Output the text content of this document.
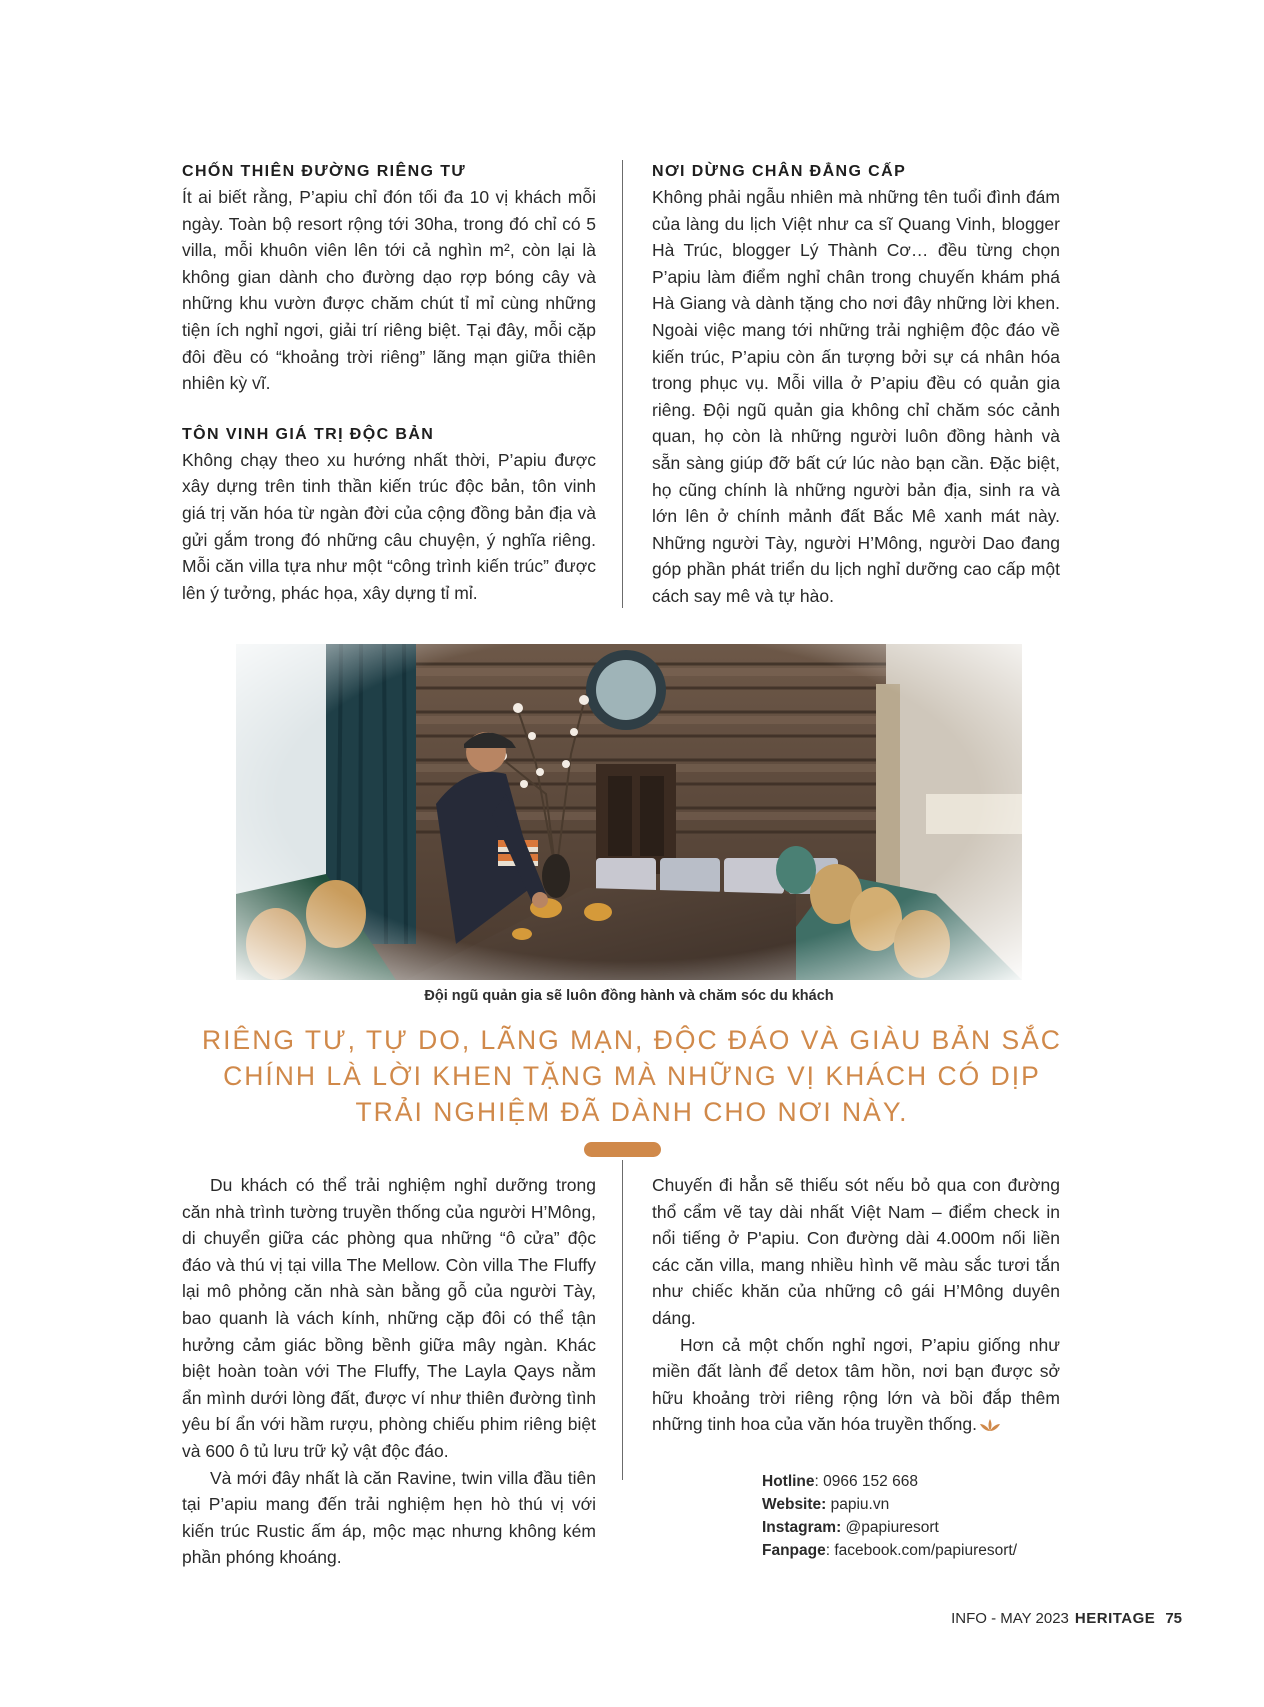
CHỐN THIÊN ĐƯỜNG RIÊNG TƯ

Ít ai biết rằng, P’apiu chỉ đón tối đa 10 vị khách mỗi ngày. Toàn bộ resort rộng tới 30ha, trong đó chỉ có 5 villa, mỗi khuôn viên lên tới cả nghìn m², còn lại là không gian dành cho đường dạo rợp bóng cây và những khu vườn được chăm chút tỉ mỉ cùng những tiện ích nghỉ ngơi, giải trí riêng biệt. Tại đây, mỗi cặp đôi đều có “khoảng trời riêng” lãng mạn giữa thiên nhiên kỳ vĩ.

TÔN VINH GIÁ TRỊ ĐỘC BẢN

Không chạy theo xu hướng nhất thời, P’apiu được xây dựng trên tinh thần kiến trúc độc bản, tôn vinh giá trị văn hóa từ ngàn đời của cộng đồng bản địa và gửi gắm trong đó những câu chuyện, ý nghĩa riêng. Mỗi căn villa tựa như một “công trình kiến trúc” được lên ý tưởng, phác họa, xây dựng tỉ mỉ.

NƠI DỪNG CHÂN ĐẲNG CẤP

Không phải ngẫu nhiên mà những tên tuổi đình đám của làng du lịch Việt như ca sĩ Quang Vinh, blogger Hà Trúc, blogger Lý Thành Cơ… đều từng chọn P’apiu làm điểm nghỉ chân trong chuyến khám phá Hà Giang và dành tặng cho nơi đây những lời khen. Ngoài việc mang tới những trải nghiệm độc đáo về kiến trúc, P’apiu còn ấn tượng bởi sự cá nhân hóa trong phục vụ. Mỗi villa ở P’apiu đều có quản gia riêng. Đội ngũ quản gia không chỉ chăm sóc cảnh quan, họ còn là những người luôn đồng hành và sẵn sàng giúp đỡ bất cứ lúc nào bạn cần. Đặc biệt, họ cũng chính là những người bản địa, sinh ra và lớn lên ở chính mảnh đất Bắc Mê xanh mát này. Những người Tày, người H’Mông, người Dao đang góp phần phát triển du lịch nghỉ dưỡng cao cấp một cách say mê và tự hào.

Đội ngũ quản gia sẽ luôn đồng hành và chăm sóc du khách
RIÊNG TƯ, TỰ DO, LÃNG MẠN, ĐỘC ĐÁO VÀ GIÀU BẢN SẮC
CHÍNH LÀ LỜI KHEN TẶNG MÀ NHỮNG VỊ KHÁCH CÓ DỊP
TRẢI NGHIỆM ĐÃ DÀNH CHO NƠI NÀY.

Du khách có thể trải nghiệm nghỉ dưỡng trong căn nhà trình tường truyền thống của người H’Mông, di chuyển giữa các phòng qua những “ô cửa” độc đáo và thú vị tại villa The Mellow. Còn villa The Fluffy lại mô phỏng căn nhà sàn bằng gỗ của người Tày, bao quanh là vách kính, những cặp đôi có thể tận hưởng cảm giác bồng bềnh giữa mây ngàn. Khác biệt hoàn toàn với The Fluffy, The Layla Qays nằm ẩn mình dưới lòng đất, được ví như thiên đường tình yêu bí ẩn với hầm rượu, phòng chiếu phim riêng biệt và 600 ô tủ lưu trữ kỷ vật độc đáo.

Và mới đây nhất là căn Ravine, twin villa đầu tiên tại P’apiu mang đến trải nghiệm hẹn hò thú vị với kiến trúc Rustic ấm áp, mộc mạc nhưng không kém phần phóng khoáng.

Chuyến đi hẳn sẽ thiếu sót nếu bỏ qua con đường thổ cẩm vẽ tay dài nhất Việt Nam – điểm check in nổi tiếng ở P'apiu. Con đường dài 4.000m nối liền các căn villa, mang nhiều hình vẽ màu sắc tươi tắn như chiếc khăn của những cô gái H’Mông duyên dáng.

Hơn cả một chốn nghỉ ngơi, P’apiu giống như miền đất lành để detox tâm hồn, nơi bạn được sở hữu khoảng trời riêng rộng lớn và bồi đắp thêm những tinh hoa của văn hóa truyền thống.

Hotline: 0966 152 668
Website: papiu.vn
Instagram: @papiuresort
Fanpage: facebook.com/papiuresort/
INFO - MAY 2023 HERITAGE 75
